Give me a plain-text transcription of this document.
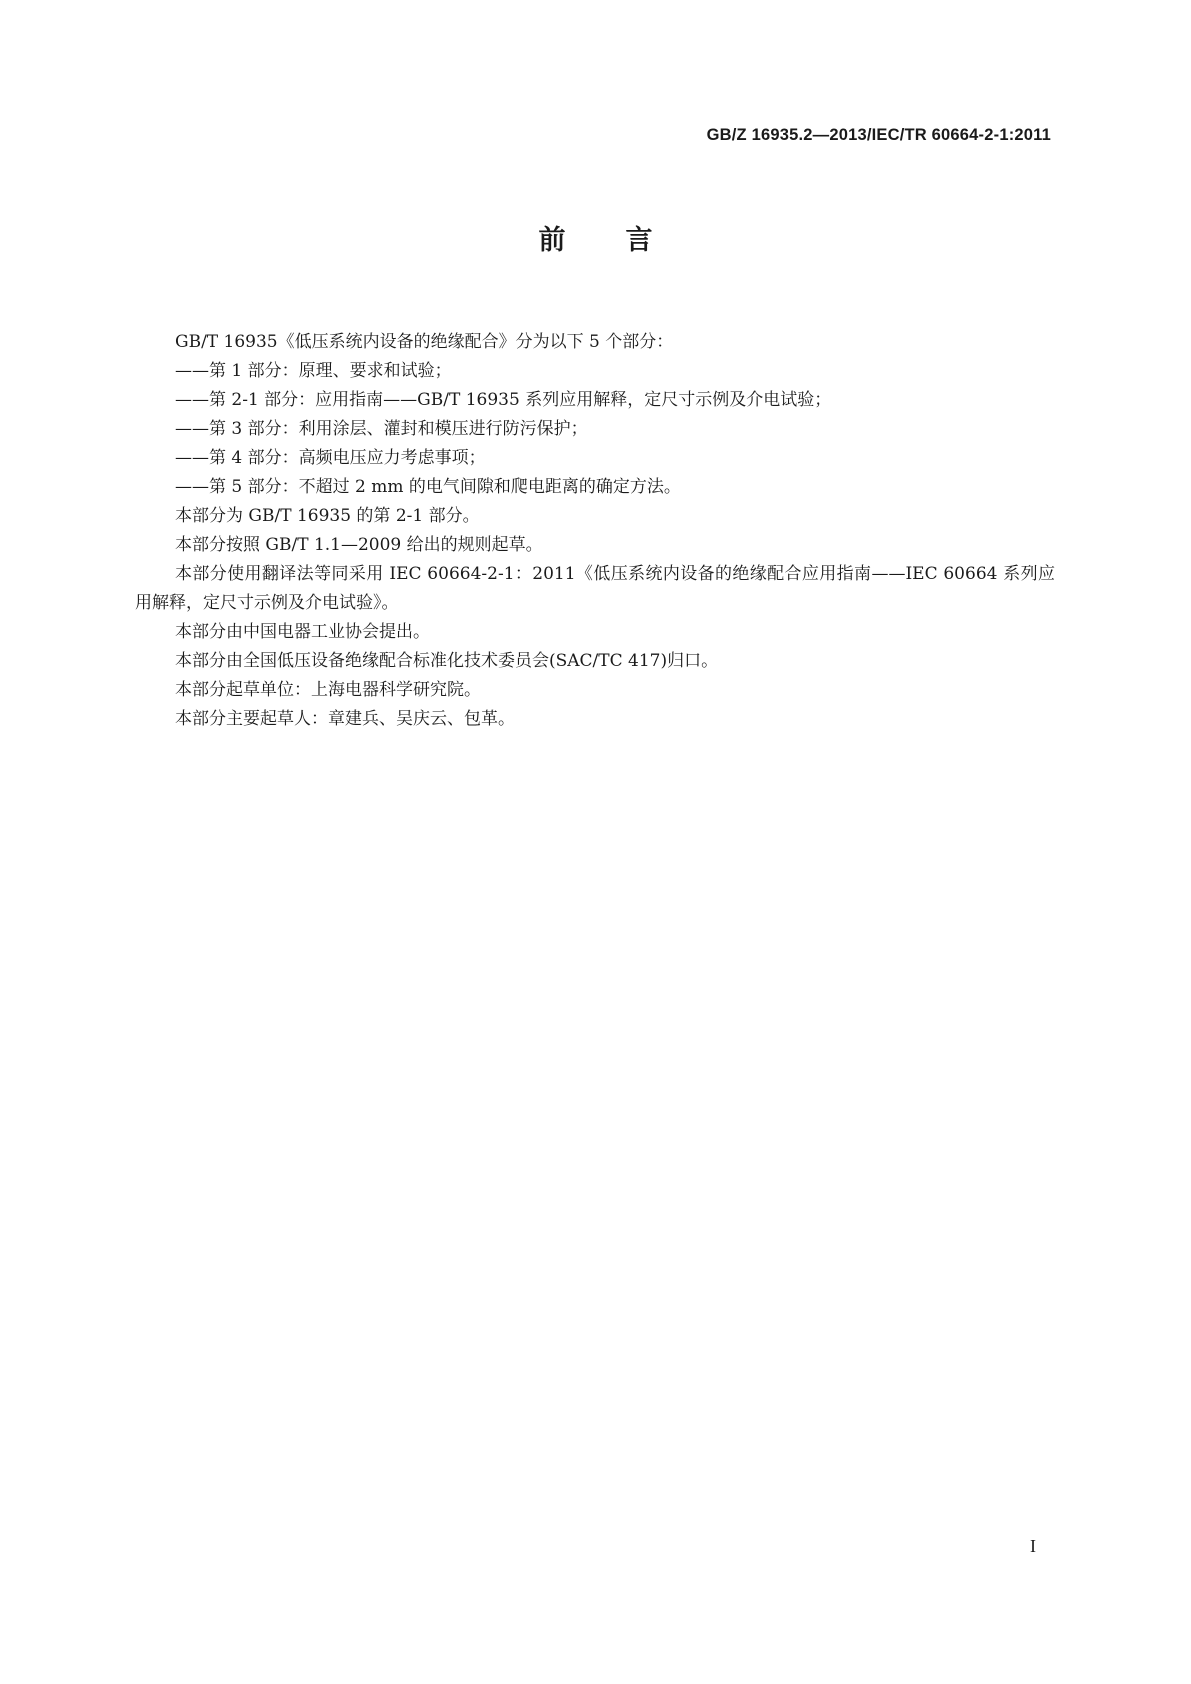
GB/Z 16935.2—2013/IEC/TR 60664-2-1:2011
前言

GB/T 16935《低压系统内设备的绝缘配合》分为以下 5 个部分：

——第 1 部分：原理、要求和试验；

——第 2-1 部分：应用指南——GB/T 16935 系列应用解释，定尺寸示例及介电试验；

——第 3 部分：利用涂层、灌封和模压进行防污保护；

——第 4 部分：高频电压应力考虑事项；

——第 5 部分：不超过 2 mm 的电气间隙和爬电距离的确定方法。

本部分为 GB/T 16935 的第 2-1 部分。

本部分按照 GB/T 1.1—2009 给出的规则起草。

本部分使用翻译法等同采用 IEC 60664-2-1：2011《低压系统内设备的绝缘配合应用指南——IEC 60664 系列应用解释，定尺寸示例及介电试验》。

本部分由中国电器工业协会提出。

本部分由全国低压设备绝缘配合标准化技术委员会(SAC/TC 417)归口。

本部分起草单位：上海电器科学研究院。

本部分主要起草人：章建兵、吴庆云、包革。

I
